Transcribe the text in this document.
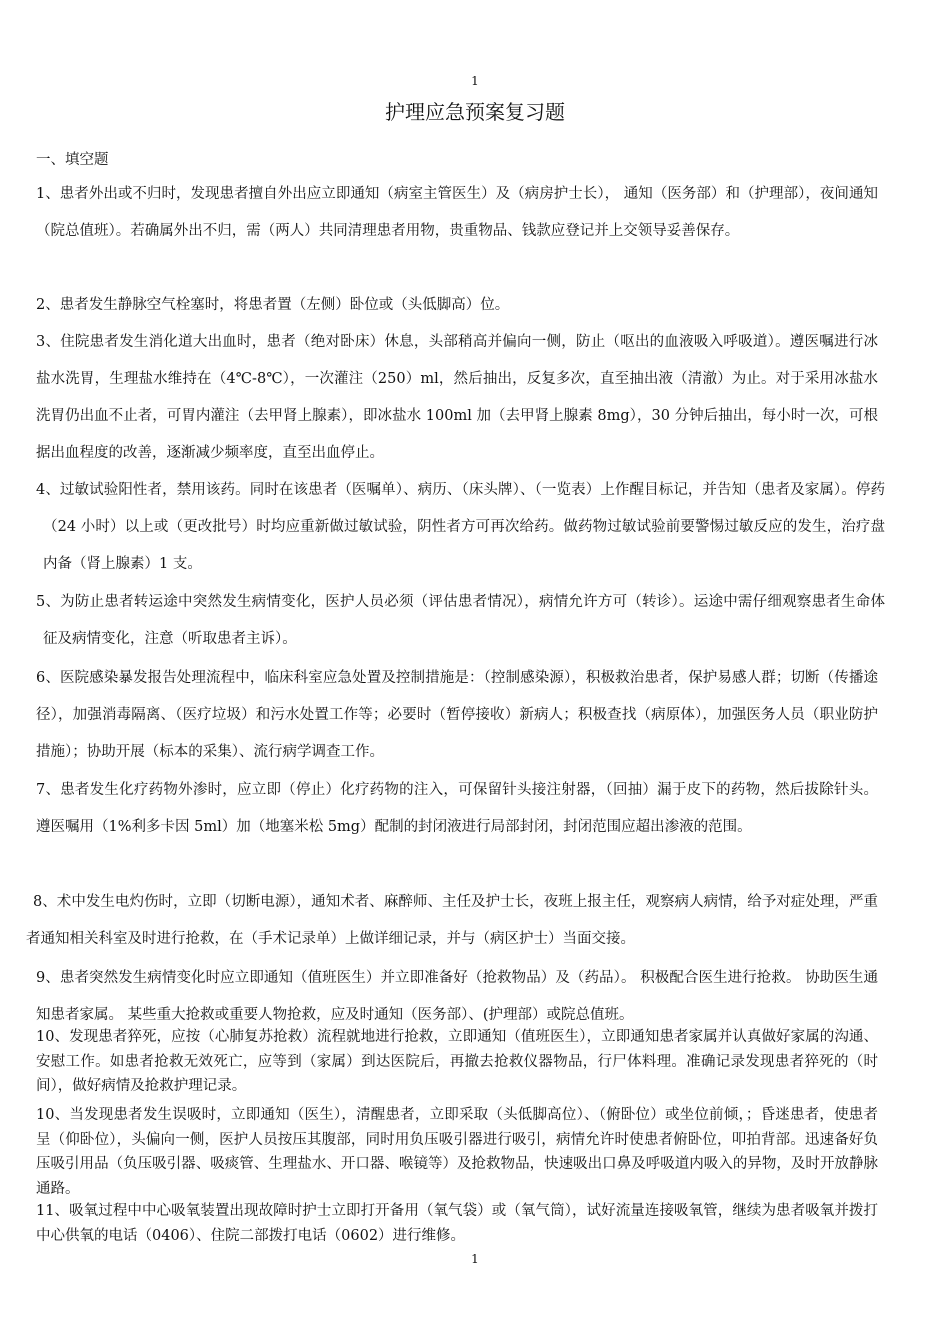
1
护理应急预案复习题
一、填空题

1、患者外出或不归时，发现患者擅自外出应立即通知（病室主管医生）及（病房护士长）， 通知（医务部）和（护理部），夜间通知（院总值班）。若确属外出不归，需（两人）共同清理患者用物，贵重物品、钱款应登记并上交领导妥善保存。

2、患者发生静脉空气栓塞时，将患者置（左侧）卧位或（头低脚高）位。

3、住院患者发生消化道大出血时，患者（绝对卧床）休息，头部稍高并偏向一侧，防止（呕出的血液吸入呼吸道）。遵医嘱进行冰盐水洗胃，生理盐水维持在（4℃-8℃），一次灌注（250）ml，然后抽出，反复多次，直至抽出液（清澈）为止。对于采用冰盐水洗胃仍出血不止者，可胃内灌注（去甲肾上腺素），即冰盐水 100ml 加（去甲肾上腺素 8mg），30 分钟后抽出，每小时一次，可根据出血程度的改善，逐渐减少频率度，直至出血停止。

4、过敏试验阳性者，禁用该药。同时在该患者（医嘱单）、病历、（床头牌）、（一览表）上作醒目标记，并告知（患者及家属）。停药（24 小时）以上或（更改批号）时均应重新做过敏试验，阴性者方可再次给药。做药物过敏试验前要警惕过敏反应的发生，治疗盘内备（肾上腺素）1 支。

5、为防止患者转运途中突然发生病情变化，医护人员必须（评估患者情况），病情允许方可（转诊）。运途中需仔细观察患者生命体征及病情变化，注意（听取患者主诉）。

6、医院感染暴发报告处理流程中，临床科室应急处置及控制措施是：（控制感染源），积极救治患者，保护易感人群；切断（传播途径），加强消毒隔离、（医疗垃圾）和污水处置工作等；必要时（暂停接收）新病人；积极查找（病原体），加强医务人员（职业防护措施）；协助开展（标本的采集）、流行病学调查工作。

7、患者发生化疗药物外渗时，应立即（停止）化疗药物的注入，可保留针头接注射器，（回抽）漏于皮下的药物，然后拔除针头。遵医嘱用（1%利多卡因 5ml）加（地塞米松 5mg）配制的封闭液进行局部封闭，封闭范围应超出渗液的范围。

8、术中发生电灼伤时，立即（切断电源），通知术者、麻醉师、主任及护士长，夜班上报主任，观察病人病情，给予对症处理，严重者通知相关科室及时进行抢救，在（手术记录单）上做详细记录，并与（病区护士）当面交接。

9、患者突然发生病情变化时应立即通知（值班医生）并立即准备好（抢救物品）及（药品）。 积极配合医生进行抢救。 协助医生通知患者家属。 某些重大抢救或重要人物抢救，应及时通知（医务部）、(护理部）或院总值班。

10、发现患者猝死，应按（心肺复苏抢救）流程就地进行抢救，立即通知（值班医生），立即通知患者家属并认真做好家属的沟通、安慰工作。如患者抢救无效死亡，应等到（家属）到达医院后，再撤去抢救仪器物品，行尸体料理。准确记录发现患者猝死的（时间），做好病情及抢救护理记录。

10、当发现患者发生误吸时，立即通知（医生），清醒患者，立即采取（头低脚高位）、（俯卧位）或坐位前倾，；昏迷患者，使患者呈（仰卧位），头偏向一侧，医护人员按压其腹部，同时用负压吸引器进行吸引，病情允许时使患者俯卧位，叩拍背部。迅速备好负压吸引用品（负压吸引器、吸痰管、生理盐水、开口器、喉镜等）及抢救物品，快速吸出口鼻及呼吸道内吸入的异物，及时开放静脉通路。

11、吸氧过程中中心吸氧装置出现故障时护士立即打开备用（氧气袋）或（氧气筒），试好流量连接吸氧管，继续为患者吸氧并拨打中心供氧的电话（0406）、住院二部拨打电话（0602）进行维修。

1
